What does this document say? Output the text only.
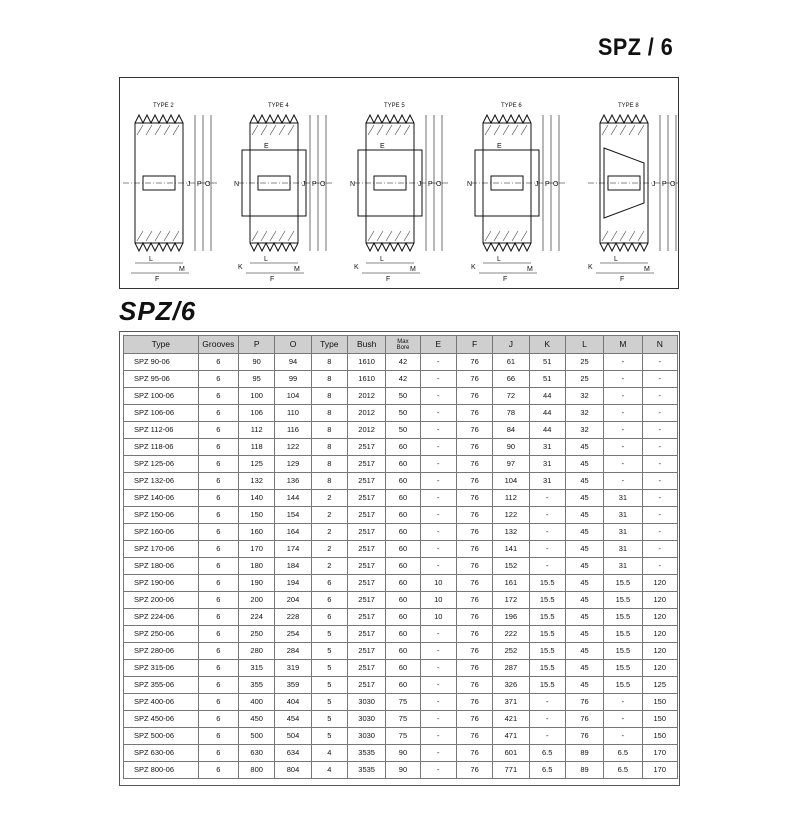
SPZ / 6
TYPE 2
J P O
L
F
M
TYPE 4
E
N	J P O
K	M
F
L
TYPE 5
E
N	J P O
K	M
F
L
TYPE 6
E
N	J P O
K	M
F
L
TYPE 8
J P O
K
L
M
F
SPZ/6
Type	Grooves	P	O	Type	Bush	Max
Bore	E	F	J	K	L	M	N
SPZ 90-06	6	90	94	8	1610	42	-	76	61	51	25	-	-
SPZ 95-06	6	95	99	8	1610	42	-	76	66	51	25	-	-
SPZ 100-06	6	100	104	8	2012	50	-	76	72	44	32	-	-
SPZ 106-06	6	106	110	8	2012	50	-	76	78	44	32	-	-
SPZ 112-06	6	112	116	8	2012	50	-	76	84	44	32	-	-
SPZ 118-06	6	118	122	8	2517	60	-	76	90	31	45	-	-
SPZ 125-06	6	125	129	8	2517	60	-	76	97	31	45	-	-
SPZ 132-06	6	132	136	8	2517	60	-	76	104	31	45	-	-
SPZ 140-06	6	140	144	2	2517	60	-	76	112	-	45	31	-
SPZ 150-06	6	150	154	2	2517	60	-	76	122	-	45	31	-
SPZ 160-06	6	160	164	2	2517	60	-	76	132	-	45	31	-
SPZ 170-06	6	170	174	2	2517	60	-	76	141	-	45	31	-
SPZ 180-06	6	180	184	2	2517	60	-	76	152	-	45	31	-
SPZ 190-06	6	190	194	6	2517	60	10	76	161	15.5	45	15.5	120
SPZ 200-06	6	200	204	6	2517	60	10	76	172	15.5	45	15.5	120
SPZ 224-06	6	224	228	6	2517	60	10	76	196	15.5	45	15.5	120
SPZ 250-06	6	250	254	5	2517	60	-	76	222	15.5	45	15.5	120
SPZ 280-06	6	280	284	5	2517	60	-	76	252	15.5	45	15.5	120
SPZ 315-06	6	315	319	5	2517	60	-	76	287	15.5	45	15.5	120
SPZ 355-06	6	355	359	5	2517	60	-	76	326	15.5	45	15.5	125
SPZ 400-06	6	400	404	5	3030	75	-	76	371	-	76	-	150
SPZ 450-06	6	450	454	5	3030	75	-	76	421	-	76	-	150
SPZ 500-06	6	500	504	5	3030	75	-	76	471	-	76	-	150
SPZ 630-06	6	630	634	4	3535	90	-	76	601	6.5	89	6.5	170
SPZ 800-06	6	800	804	4	3535	90	-	76	771	6.5	89	6.5	170
